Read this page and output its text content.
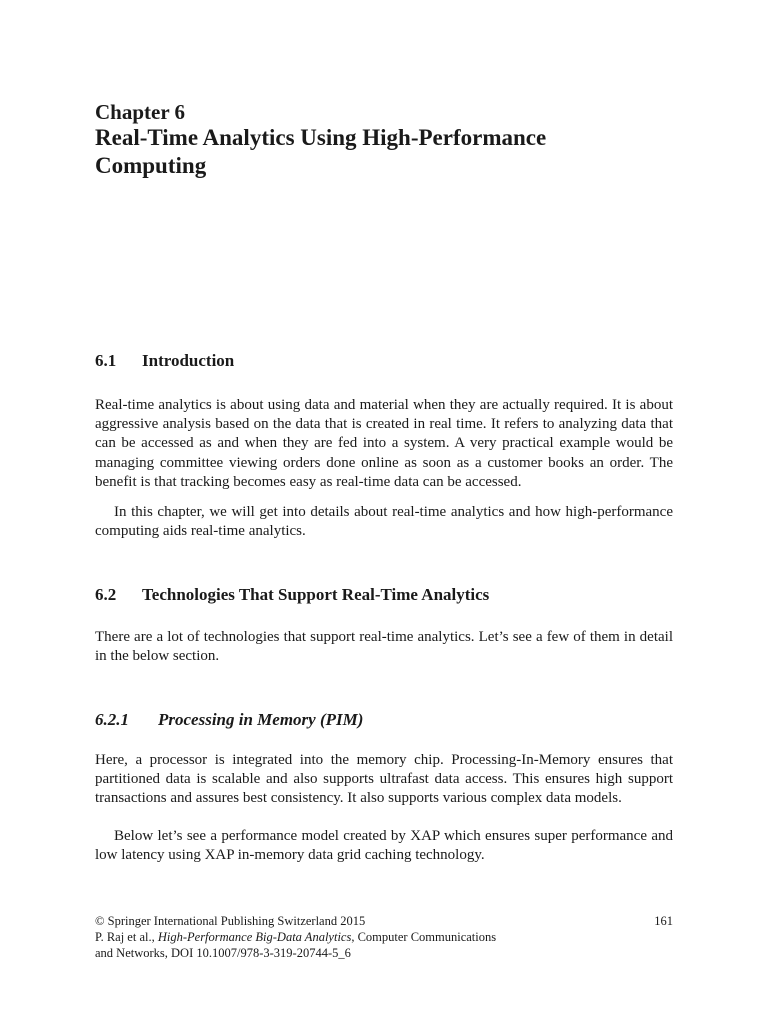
Chapter 6
Real-Time Analytics Using High-Performance
Computing
6.1 Introduction

Real-time analytics is about using data and material when they are actually required. It is about aggressive analysis based on the data that is created in real time. It refers to analyzing data that can be accessed as and when they are fed into a system. A very practical example would be managing committee viewing orders done online as soon as a customer books an order. The benefit is that tracking becomes easy as real-time data can be accessed.

In this chapter, we will get into details about real-time analytics and how high-performance computing aids real-time analytics.

6.2 Technologies That Support Real-Time Analytics

There are a lot of technologies that support real-time analytics. Let’s see a few of them in detail in the below section.

6.2.1 Processing in Memory (PIM)

Here, a processor is integrated into the memory chip. Processing-In-Memory ensures that partitioned data is scalable and also supports ultrafast data access. This ensures high support transactions and assures best consistency. It also supports various complex data models.

Below let’s see a performance model created by XAP which ensures super performance and low latency using XAP in-memory data grid caching technology.

161

© Springer International Publishing Switzerland 2015

P. Raj et al., High-Performance Big-Data Analytics, Computer Communications

and Networks, DOI 10.1007/978-3-319-20744-5_6
